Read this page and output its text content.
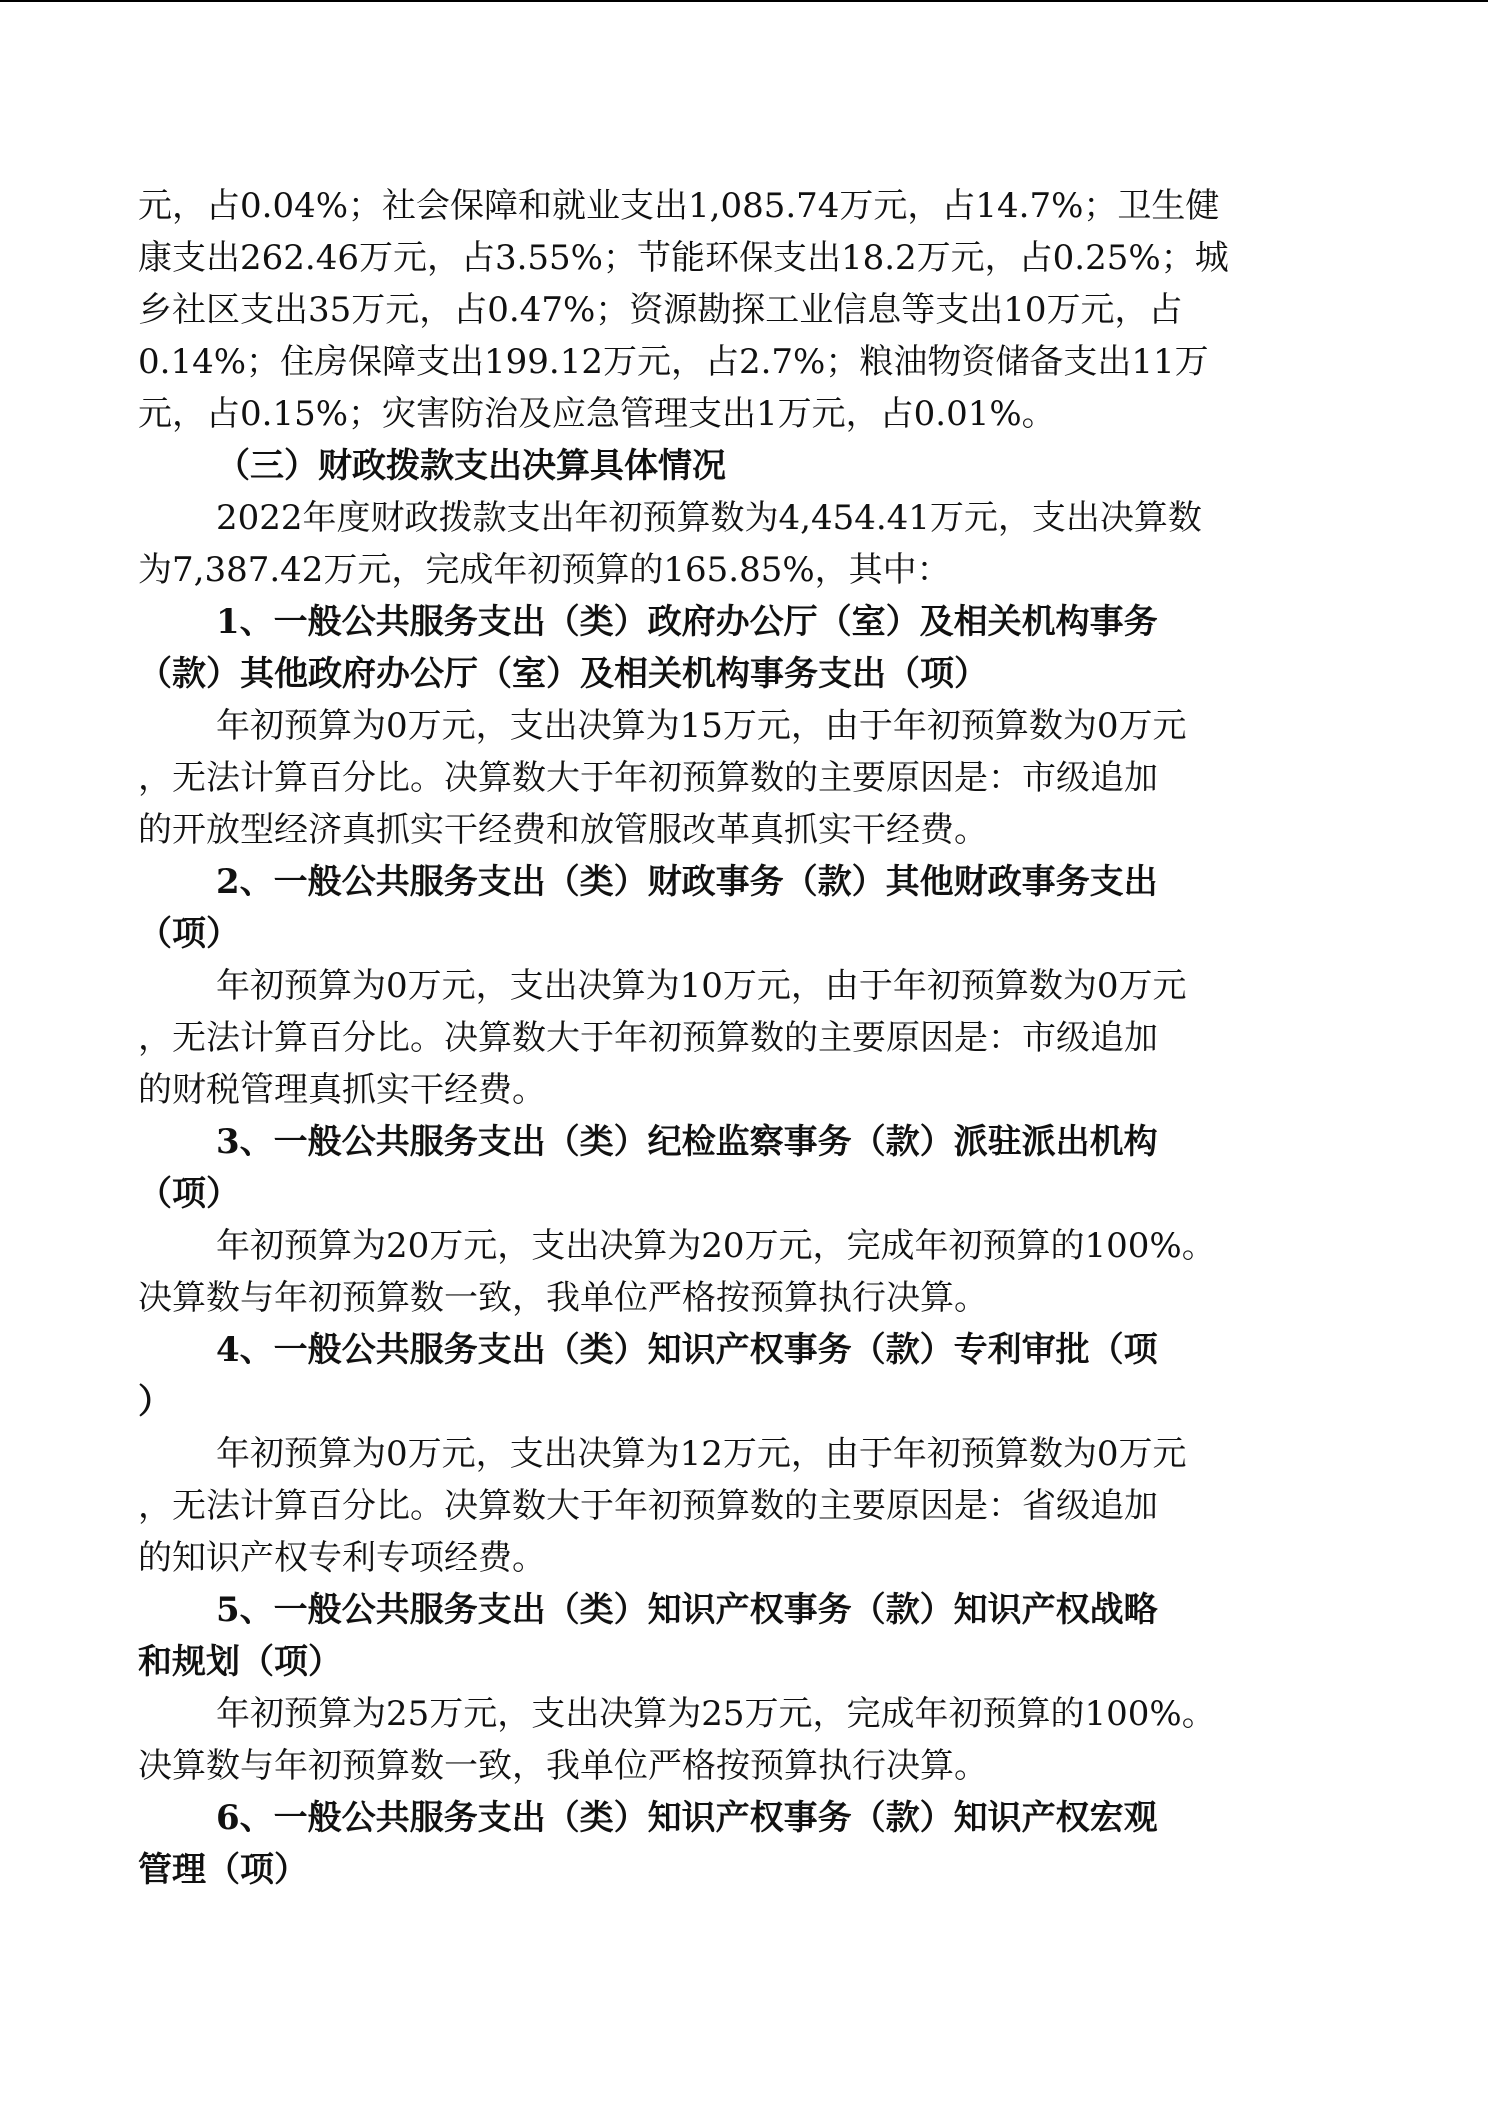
元，占0.04%；社会保障和就业支出1,085.74万元，占14.7%；卫生健
康支出262.46万元，占3.55%；节能环保支出18.2万元，占0.25%；城
乡社区支出35万元，占0.47%；资源勘探工业信息等支出10万元，占
0.14%；住房保障支出199.12万元，占2.7%；粮油物资储备支出11万
元，占0.15%；灾害防治及应急管理支出1万元，占0.01%。
（三）财政拨款支出决算具体情况
2022年度财政拨款支出年初预算数为4,454.41万元，支出决算数
为7,387.42万元，完成年初预算的165.85%，其中：
1、一般公共服务支出（类）政府办公厅（室）及相关机构事务
（款）其他政府办公厅（室）及相关机构事务支出（项）
年初预算为0万元，支出决算为15万元，由于年初预算数为0万元
，无法计算百分比。决算数大于年初预算数的主要原因是：市级追加
的开放型经济真抓实干经费和放管服改革真抓实干经费。
2、一般公共服务支出（类）财政事务（款）其他财政事务支出
（项）
年初预算为0万元，支出决算为10万元，由于年初预算数为0万元
，无法计算百分比。决算数大于年初预算数的主要原因是：市级追加
的财税管理真抓实干经费。
3、一般公共服务支出（类）纪检监察事务（款）派驻派出机构
（项）
年初预算为20万元，支出决算为20万元，完成年初预算的100%。
决算数与年初预算数一致，我单位严格按预算执行决算。
4、一般公共服务支出（类）知识产权事务（款）专利审批（项
）
年初预算为0万元，支出决算为12万元，由于年初预算数为0万元
，无法计算百分比。决算数大于年初预算数的主要原因是：省级追加
的知识产权专利专项经费。
5、一般公共服务支出（类）知识产权事务（款）知识产权战略
和规划（项）
年初预算为25万元，支出决算为25万元，完成年初预算的100%。
决算数与年初预算数一致，我单位严格按预算执行决算。
6、一般公共服务支出（类）知识产权事务（款）知识产权宏观
管理（项）
